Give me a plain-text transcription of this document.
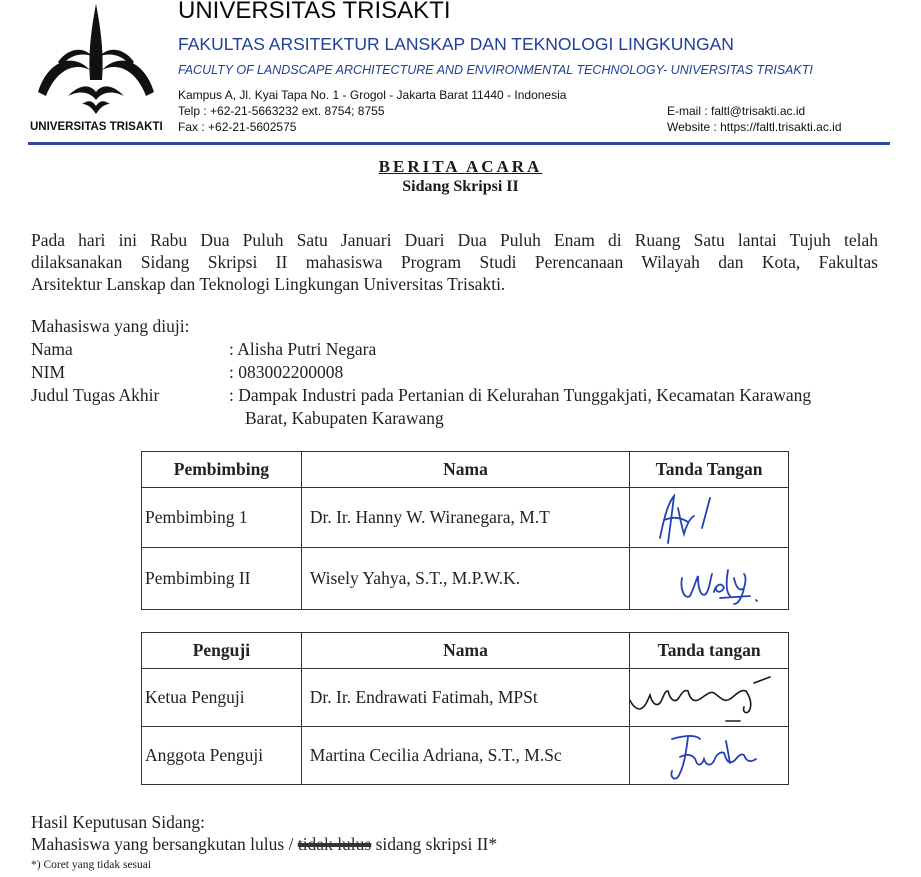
UNIVERSITAS TRISAKTI
UNIVERSITAS TRISAKTI
FAKULTAS ARSITEKTUR LANSKAP DAN TEKNOLOGI LINGKUNGAN
FACULTY OF LANDSCAPE ARCHITECTURE AND ENVIRONMENTAL TECHNOLOGY- UNIVERSITAS TRISAKTI
Kampus A, Jl. Kyai Tapa No. 1 - Grogol - Jakarta Barat 11440 - Indonesia
Telp : +62-21-5663232 ext. 8754; 8755
Fax : +62-21-5602575
E-mail : faltl@trisakti.ac.id
Website : https://faltl.trisakti.ac.id
BERITA ACARA
Sidang Skripsi II
Pada hari ini Rabu Dua Puluh Satu Januari Duari Dua Puluh Enam di Ruang Satu lantai Tujuh telah
dilaksanakan Sidang Skripsi II mahasiswa Program Studi Perencanaan Wilayah dan Kota, Fakultas
Arsitektur Lanskap dan Teknologi Lingkungan Universitas Trisakti.
Mahasiswa yang diuji:
Nama	: Alisha Putri Negara
NIM	: 083002200008
Judul Tugas Akhir	: Dampak Industri pada Pertanian di Kelurahan Tunggakjati, Kecamatan Karawang
Barat, Kabupaten Karawang
Pembimbing	Nama	Tanda Tangan
Pembimbing 1	Dr. Ir. Hanny W. Wiranegara, M.T	

Pembimbing II	Wisely Yahya, S.T., M.P.W.K.	
Penguji	Nama	Tanda tangan
Ketua Penguji	Dr. Ir. Endrawati Fatimah, MPSt	

Anggota Penguji	Martina Cecilia Adriana, S.T., M.Sc	
Hasil Keputusan Sidang:
Mahasiswa yang bersangkutan lulus / tidak lulus sidang skripsi II*
*) Coret yang tidak sesuai
